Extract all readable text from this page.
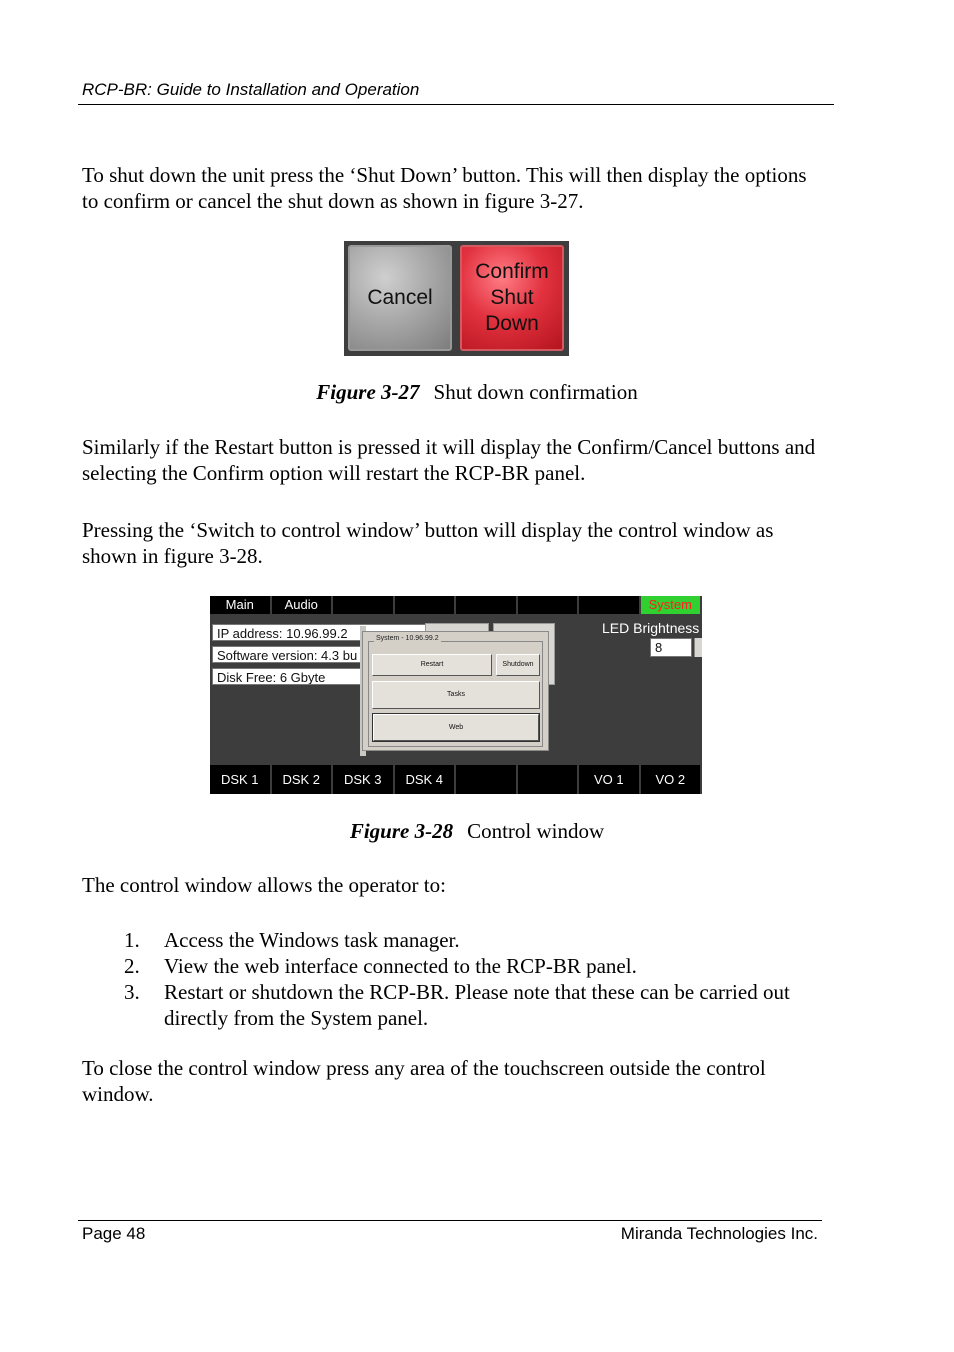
RCP-BR: Guide to Installation and Operation

To shut down the unit press the ‘Shut Down’ button. This will then display the options to confirm or cancel the shut down as shown in figure 3-27.

Cancel
Confirm Shut Down
Figure 3-27 Shut down confirmation

Similarly if the Restart button is pressed it will display the Confirm/Cancel buttons and selecting the Confirm option will restart the RCP-BR panel.

Pressing the ‘Switch to control window’ button will display the control window as shown in figure 3-28.

Main	Audio	System
IP address: 10.96.99.2
Software version: 4.3 bu
Disk Free: 6 Gbyte
LED Brightness
8
System - 10.96.99.2
Restart	Shutdown
Tasks
Web
DSK 1	DSK 2	DSK 3	DSK 4	VO 1	VO 2
Figure 3-28 Control window

The control window allows the operator to:

1. Access the Windows task manager.
2. View the web interface connected to the RCP-BR panel.
3. Restart or shutdown the RCP-BR. Please note that these can be carried out directly from the System panel.

To close the control window press any area of the touchscreen outside the control window.

Page 48	Miranda Technologies Inc.
